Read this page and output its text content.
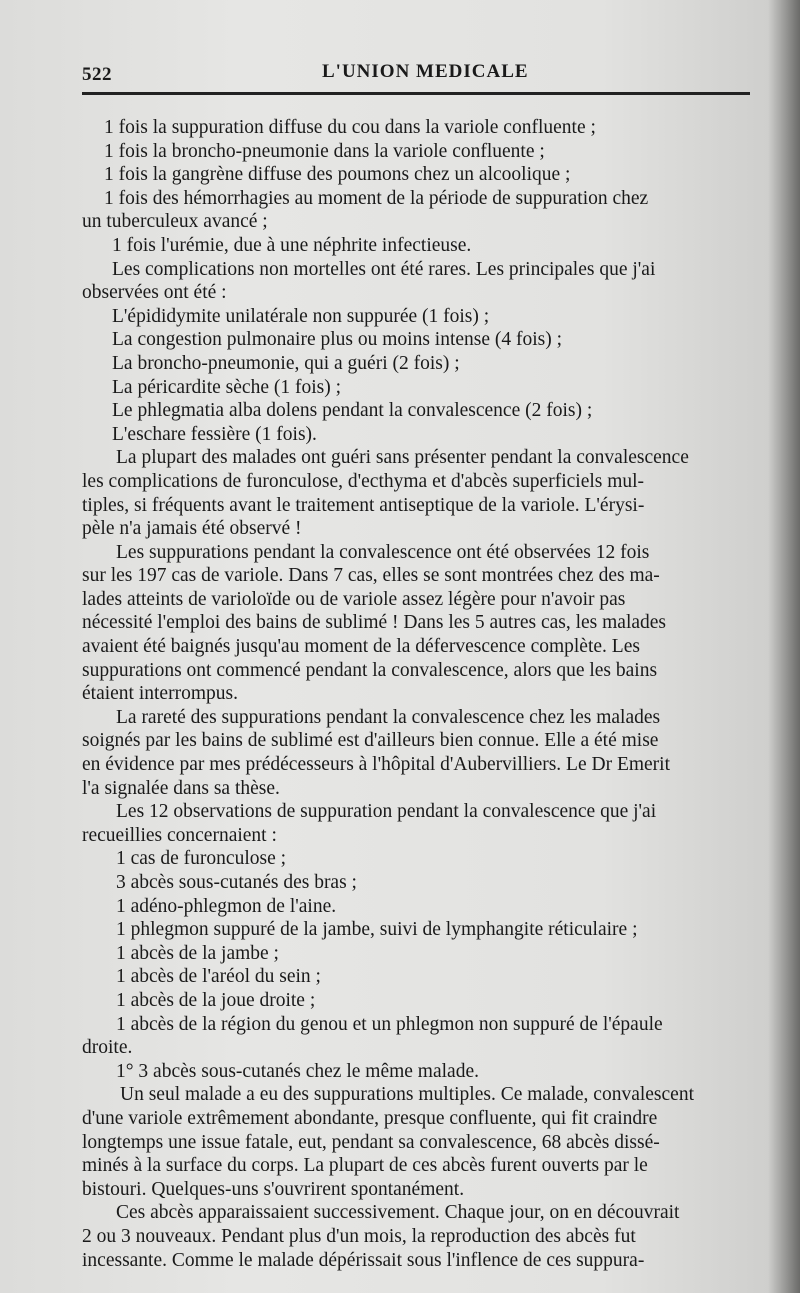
522	L'UNION MEDICALE
1 fois la suppuration diffuse du cou dans la variole confluente ;
1 fois la broncho-pneumonie dans la variole confluente ;
1 fois la gangrène diffuse des poumons chez un alcoolique ;
1 fois des hémorrhagies au moment de la période de suppuration chez
un tuberculeux avancé ;
1 fois l'urémie, due à une néphrite infectieuse.
Les complications non mortelles ont été rares. Les principales que j'ai
observées ont été :
L'épididymite unilatérale non suppurée (1 fois) ;
La congestion pulmonaire plus ou moins intense (4 fois) ;
La broncho-pneumonie, qui a guéri (2 fois) ;
La péricardite sèche (1 fois) ;
Le phlegmatia alba dolens pendant la convalescence (2 fois) ;
L'eschare fessière (1 fois).
La plupart des malades ont guéri sans présenter pendant la convalescence
les complications de furonculose, d'ecthyma et d'abcès superficiels mul-
tiples, si fréquents avant le traitement antiseptique de la variole. L'érysi-
pèle n'a jamais été observé !
Les suppurations pendant la convalescence ont été observées 12 fois
sur les 197 cas de variole. Dans 7 cas, elles se sont montrées chez des ma-
lades atteints de varioloïde ou de variole assez légère pour n'avoir pas
nécessité l'emploi des bains de sublimé ! Dans les 5 autres cas, les malades
avaient été baignés jusqu'au moment de la défervescence complète. Les
suppurations ont commencé pendant la convalescence, alors que les bains
étaient interrompus.
La rareté des suppurations pendant la convalescence chez les malades
soignés par les bains de sublimé est d'ailleurs bien connue. Elle a été mise
en évidence par mes prédécesseurs à l'hôpital d'Aubervilliers. Le Dr Emerit
l'a signalée dans sa thèse.
Les 12 observations de suppuration pendant la convalescence que j'ai
recueillies concernaient :
1 cas de furonculose ;
3 abcès sous-cutanés des bras ;
1 adéno-phlegmon de l'aine.
1 phlegmon suppuré de la jambe, suivi de lymphangite réticulaire ;
1 abcès de la jambe ;
1 abcès de l'aréol du sein ;
1 abcès de la joue droite ;
1 abcès de la région du genou et un phlegmon non suppuré de l'épaule
droite.
1° 3 abcès sous-cutanés chez le même malade.
Un seul malade a eu des suppurations multiples. Ce malade, convalescent
d'une variole extrêmement abondante, presque confluente, qui fit craindre
longtemps une issue fatale, eut, pendant sa convalescence, 68 abcès dissé-
minés à la surface du corps. La plupart de ces abcès furent ouverts par le
bistouri. Quelques-uns s'ouvrirent spontanément.
Ces abcès apparaissaient successivement. Chaque jour, on en découvrait
2 ou 3 nouveaux. Pendant plus d'un mois, la reproduction des abcès fut
incessante. Comme le malade dépérissait sous l'inflence de ces suppura-
